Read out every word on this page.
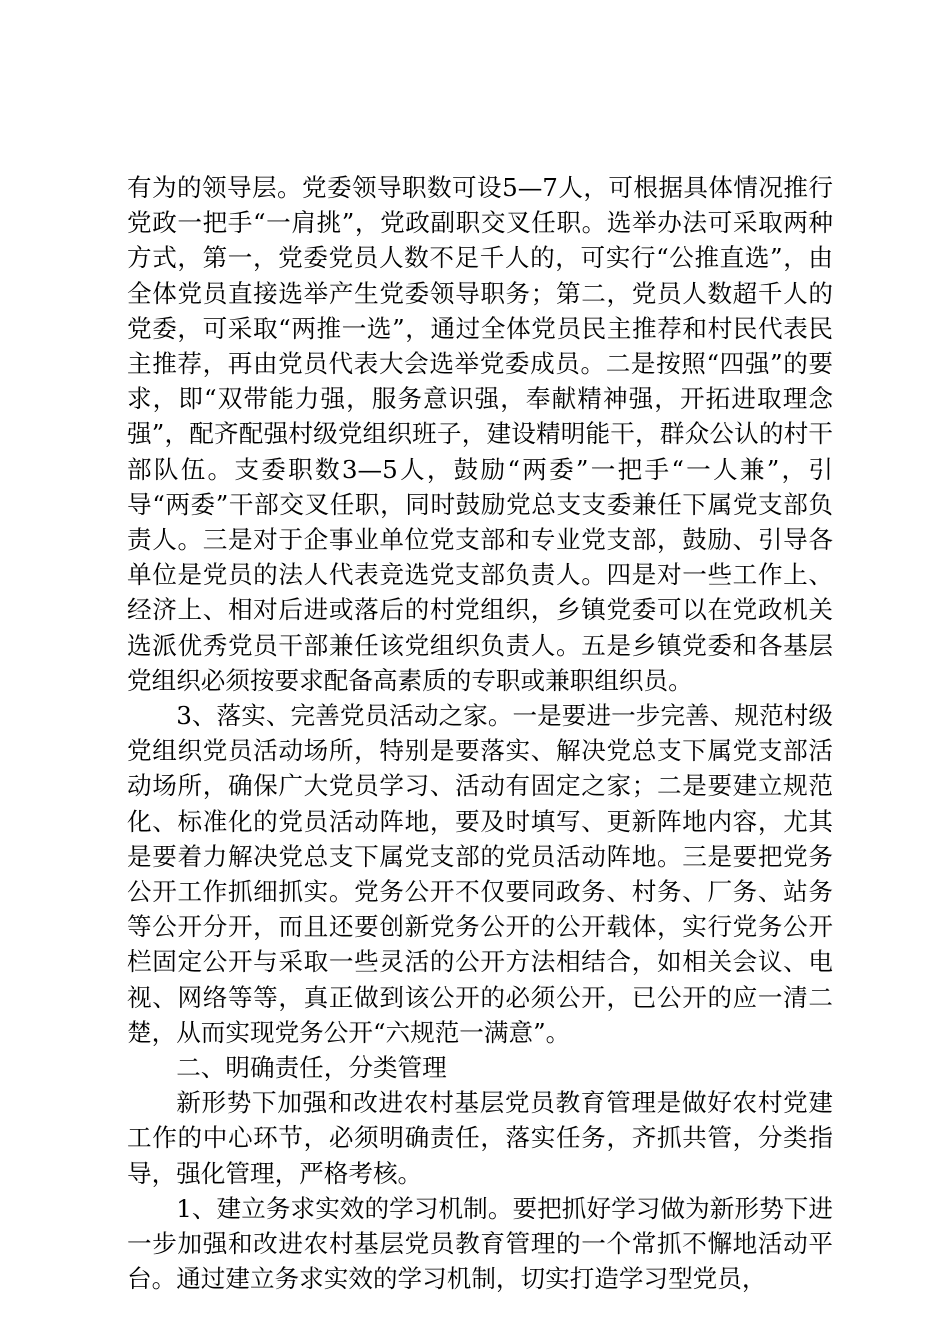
有为的领导层。党委领导职数可设5—7人，可根据具体情况推行党政一把手“一肩挑”，党政副职交叉任职。选举办法可采取两种方式，第一，党委党员人数不足千人的，可实行“公推直选”，由全体党员直接选举产生党委领导职务；第二，党员人数超千人的党委，可采取“两推一选”，通过全体党员民主推荐和村民代表民主推荐，再由党员代表大会选举党委成员。二是按照“四强”的要求，即“双带能力强，服务意识强，奉献精神强，开拓进取理念强”，配齐配强村级党组织班子，建设精明能干，群众公认的村干部队伍。支委职数3—5人，鼓励“两委”一把手“一人兼”，引导“两委”干部交叉任职，同时鼓励党总支支委兼任下属党支部负责人。三是对于企事业单位党支部和专业党支部，鼓励、引导各单位是党员的法人代表竞选党支部负责人。四是对一些工作上、经济上、相对后进或落后的村党组织，乡镇党委可以在党政机关选派优秀党员干部兼任该党组织负责人。五是乡镇党委和各基层党组织必须按要求配备高素质的专职或兼职组织员。

3、落实、完善党员活动之家。一是要进一步完善、规范村级党组织党员活动场所，特别是要落实、解决党总支下属党支部活动场所，确保广大党员学习、活动有固定之家；二是要建立规范化、标准化的党员活动阵地，要及时填写、更新阵地内容，尤其是要着力解决党总支下属党支部的党员活动阵地。三是要把党务公开工作抓细抓实。党务公开不仅要同政务、村务、厂务、站务等公开分开，而且还要创新党务公开的公开载体，实行党务公开栏固定公开与采取一些灵活的公开方法相结合，如相关会议、电视、网络等等，真正做到该公开的必须公开，已公开的应一清二楚，从而实现党务公开“六规范一满意”。

二、明确责任，分类管理

新形势下加强和改进农村基层党员教育管理是做好农村党建工作的中心环节，必须明确责任，落实任务，齐抓共管，分类指导，强化管理，严格考核。

1、建立务求实效的学习机制。要把抓好学习做为新形势下进一步加强和改进农村基层党员教育管理的一个常抓不懈地活动平台。通过建立务求实效的学习机制，切实打造学习型党员，
